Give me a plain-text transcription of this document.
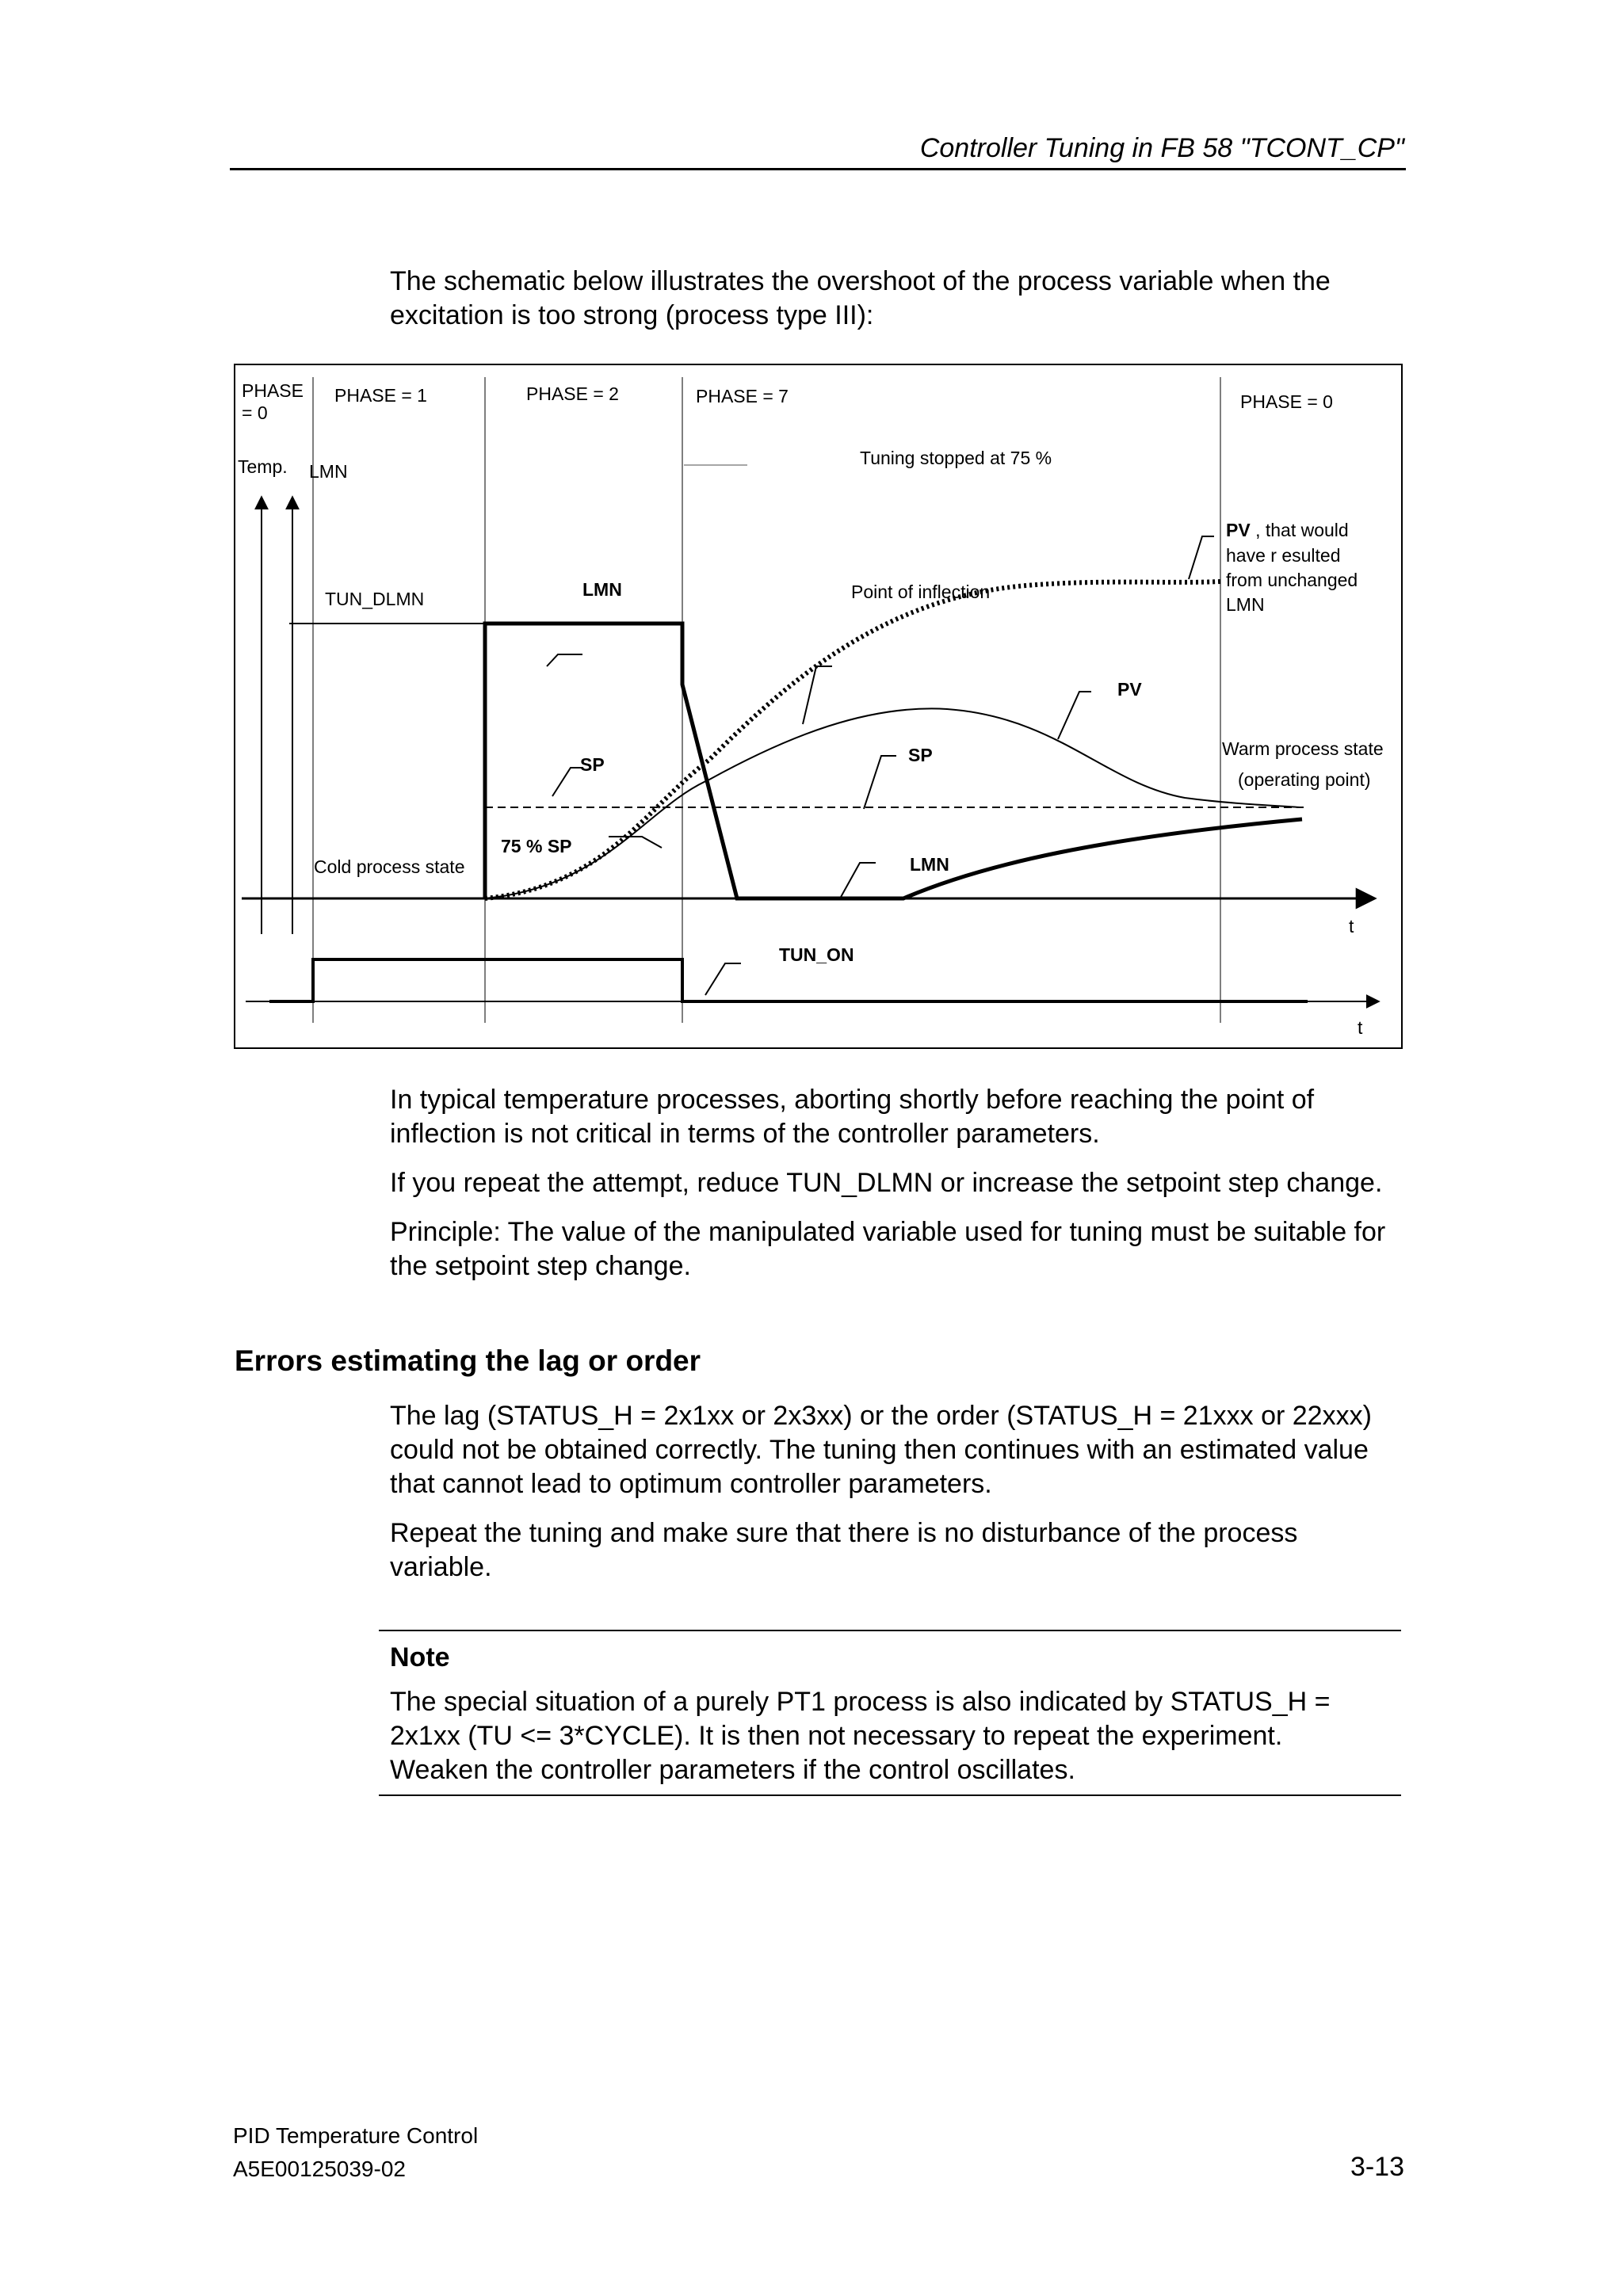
Controller Tuning in FB 58 "TCONT_CP"

The schematic below illustrates the overshoot of the process variable when the excitation is too strong (process type III):

PHASE
= 0
PHASE = 1	PHASE = 2	PHASE = 7	PHASE = 0
Temp. LMN
Tuning stopped at 75 %
PV , that would
have r esulted
from unchanged
LMN
TUN_DLMN	LMN	Point of inflection
PV
Warm process state
(operating point)
SP	SP
75 % SP
LMN
Cold process state
t
TUN_ON
t

In typical temperature processes, aborting shortly before reaching the point of inflection is not critical in terms of the controller parameters.

If you repeat the attempt, reduce TUN_DLMN or increase the setpoint step change.

Principle: The value of the manipulated variable used for tuning must be suitable for the setpoint step change.

Errors estimating the lag or order

The lag (STATUS_H = 2x1xx or 2x3xx) or the order (STATUS_H = 21xxx or 22xxx) could not be obtained correctly. The tuning then continues with an estimated value that cannot lead to optimum controller parameters.

Repeat the tuning and make sure that there is no disturbance of the process variable.

Note

The special situation of a purely PT1 process is also indicated by STATUS_H = 2x1xx (TU <= 3*CYCLE). It is then not necessary to repeat the experiment. Weaken the controller parameters if the control oscillates.

PID Temperature Control
A5E00125039-02	3-13
